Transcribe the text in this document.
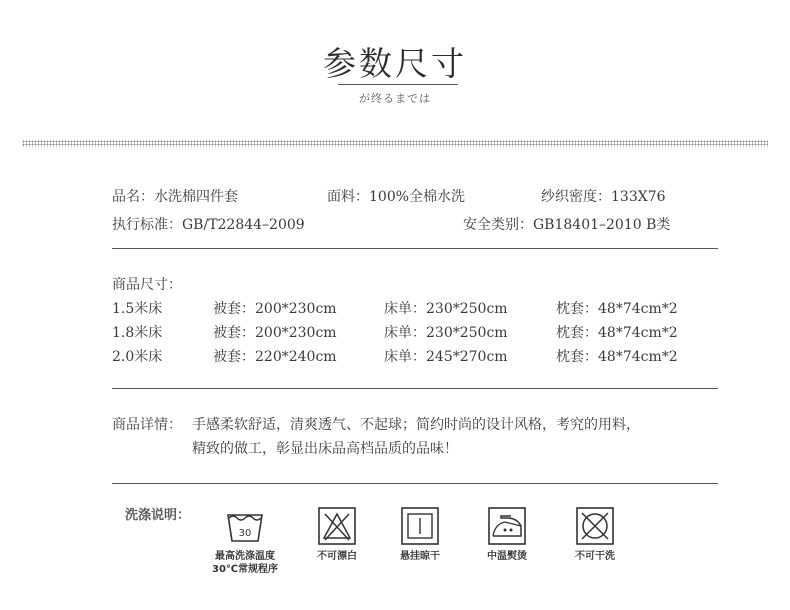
参数尺寸
が终るまでは
品名：水洗棉四件套	面料：100%全棉水洗	纱织密度：133X76
执行标准：GB/T22844–2009	安全类别：GB18401–2010 B类
商品尺寸：
1.5米床	被套：200*230cm	床单：230*250cm	枕套：48*74cm*2
1.8米床	被套：200*230cm	床单：230*250cm	枕套：48*74cm*2
2.0米床	被套：220*240cm	床单：245*270cm	枕套：48*74cm*2
商品详情： 手感柔软舒适，清爽透气、不起球；简约时尚的设计风格，考究的用料，
精致的做工，彰显出床品高档品质的品味！
洗涤说明：
30
最高洗涤温度
30℃常规程序
不可漂白	悬挂晾干	中温熨烫	不可干洗
